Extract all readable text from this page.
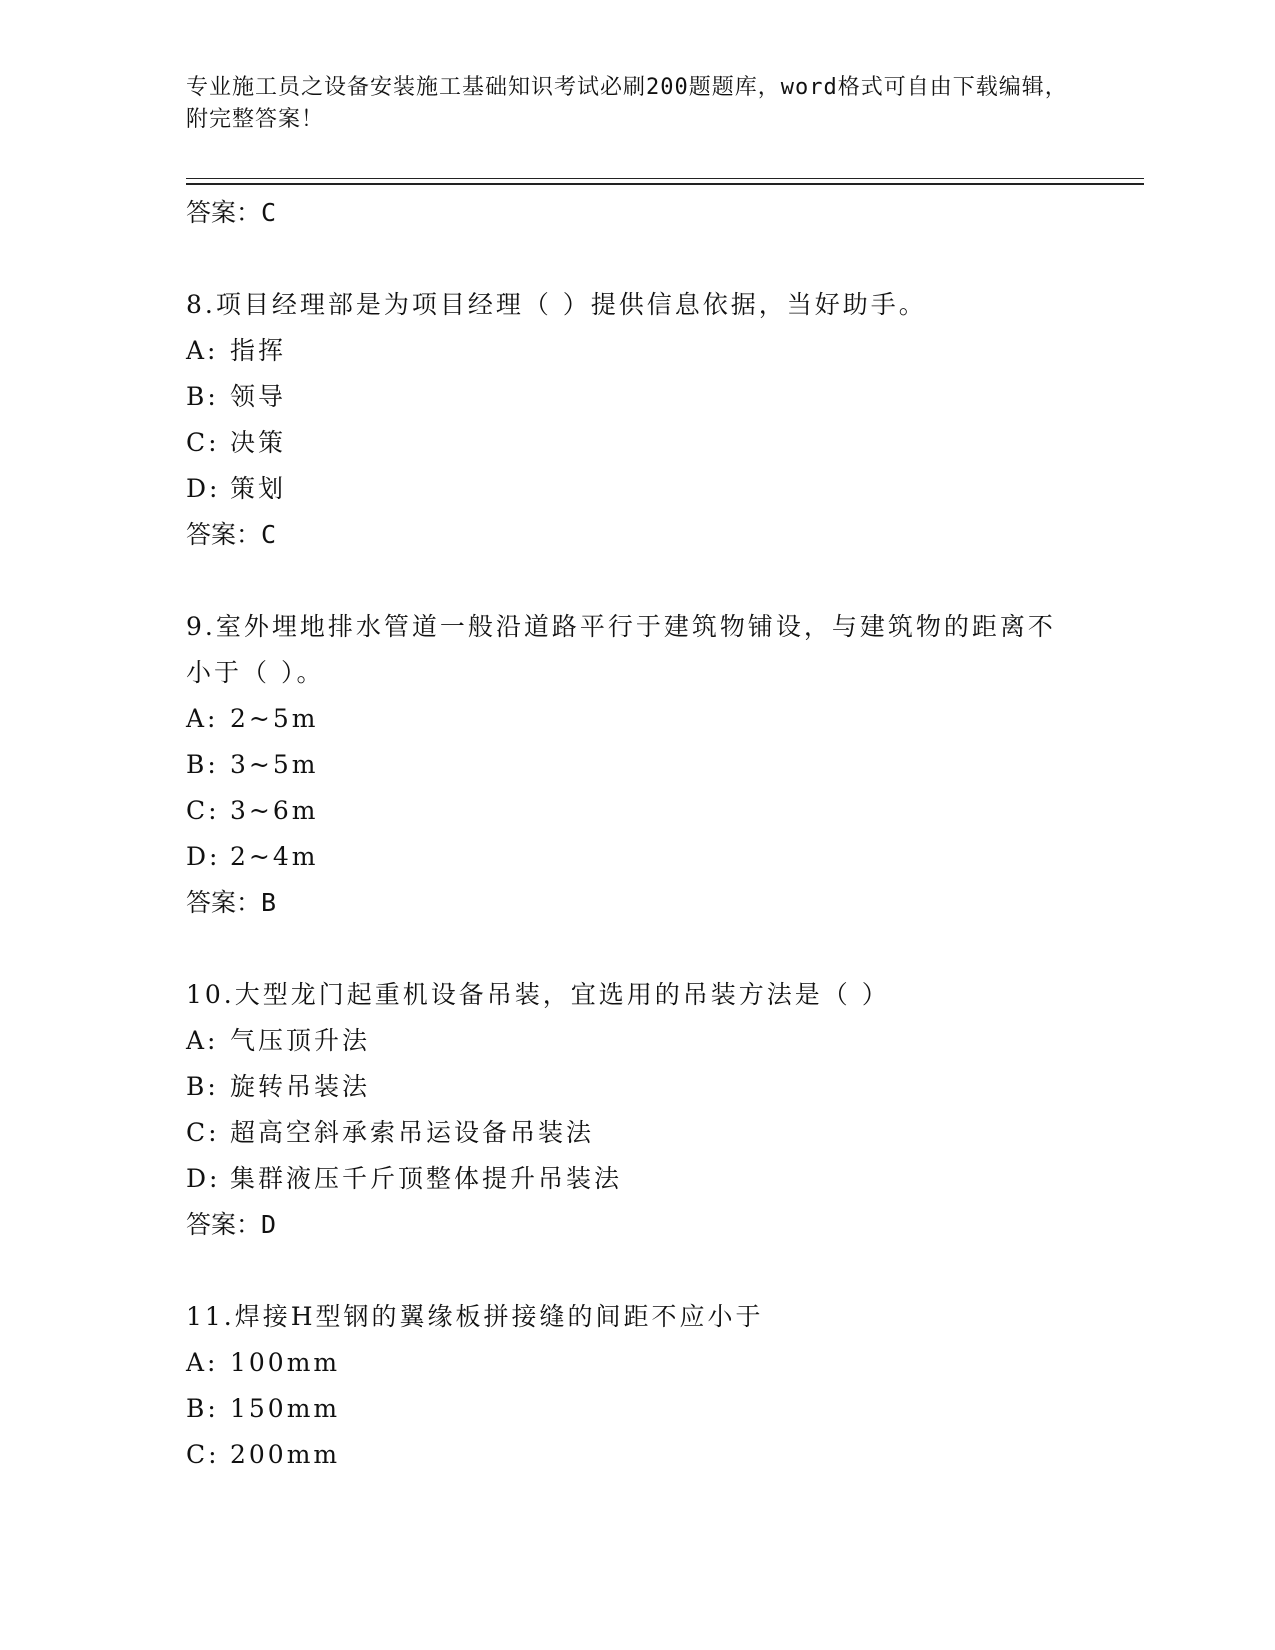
专业施工员之设备安装施工基础知识考试必刷200题题库，word格式可自由下载编辑，附完整答案！
答案：C
8.项目经理部是为项目经理（ ）提供信息依据，当好助手。
A: 指挥
B: 领导
C: 决策
D: 策划
答案：C
9.室外埋地排水管道一般沿道路平行于建筑物铺设，与建筑物的距离不小于（ ）。
A: 2~5m
B: 3~5m
C: 3~6m
D: 2~4m
答案：B
10.大型龙门起重机设备吊装，宜选用的吊装方法是（ ）
A: 气压顶升法
B: 旋转吊装法
C: 超高空斜承索吊运设备吊装法
D: 集群液压千斤顶整体提升吊装法
答案：D
11.焊接H型钢的翼缘板拼接缝的间距不应小于
A: 100mm
B: 150mm
C: 200mm
